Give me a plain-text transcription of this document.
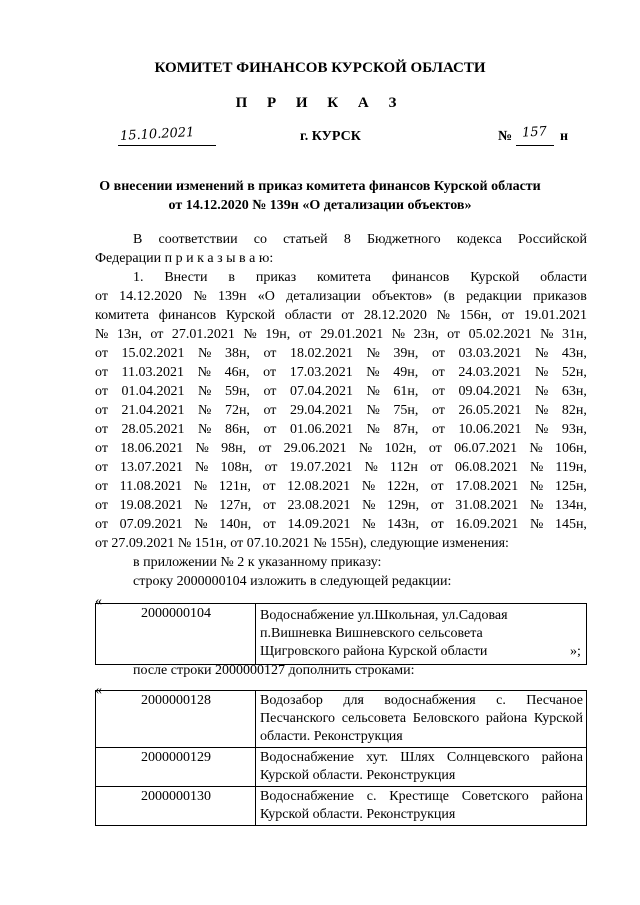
КОМИТЕТ ФИНАНСОВ КУРСКОЙ ОБЛАСТИ
П Р И К А З
15.10.2021	г. КУРСК	№ 157 н
О внесении изменений в приказ комитета финансов Курской области
от 14.12.2020 № 139н «О детализации объектов»
В соответствии со статьей 8 Бюджетного кодекса Российской
Федерации п р и к а з ы в а ю:
1. Внести в приказ комитета финансов Курской области
от 14.12.2020 № 139н «О детализации объектов» (в редакции приказов
комитета финансов Курской области от 28.12.2020 № 156н, от 19.01.2021
№ 13н, от 27.01.2021 № 19н, от 29.01.2021 № 23н, от 05.02.2021 № 31н,
от 15.02.2021 № 38н, от 18.02.2021 № 39н, от 03.03.2021 № 43н,
от 11.03.2021 № 46н, от 17.03.2021 № 49н, от 24.03.2021 № 52н,
от 01.04.2021 № 59н, от 07.04.2021 № 61н, от 09.04.2021 № 63н,
от 21.04.2021 № 72н, от 29.04.2021 № 75н, от 26.05.2021 № 82н,
от 28.05.2021 № 86н, от 01.06.2021 № 87н, от 10.06.2021 № 93н,
от 18.06.2021 № 98н, от 29.06.2021 № 102н, от 06.07.2021 № 106н,
от 13.07.2021 № 108н, от 19.07.2021 № 112н от 06.08.2021 № 119н,
от 11.08.2021 № 121н, от 12.08.2021 № 122н, от 17.08.2021 № 125н,
от 19.08.2021 № 127н, от 23.08.2021 № 129н, от 31.08.2021 № 134н,
от 07.09.2021 № 140н, от 14.09.2021 № 143н, от 16.09.2021 № 145н,
от 27.09.2021 № 151н, от 07.10.2021 № 155н), следующие изменения:
в приложении № 2 к указанному приказу:
строку 2000000104 изложить в следующей редакции:
«
2000000104	Водоснабжение ул.Школьная, ул.Садовая
п.Вишневка Вишневского сельсовета
Щигровского района Курской области	»;
после строки 2000000127 дополнить строками:
«
2000000128	Водозабор для водоснабжения с. Песчаное Песчанского сельсовета Беловского района Курской области. Реконструкция
2000000129	Водоснабжение хут. Шлях Солнцевского района Курской области. Реконструкция
2000000130	Водоснабжение с. Крестище Советского района Курской области. Реконструкция
